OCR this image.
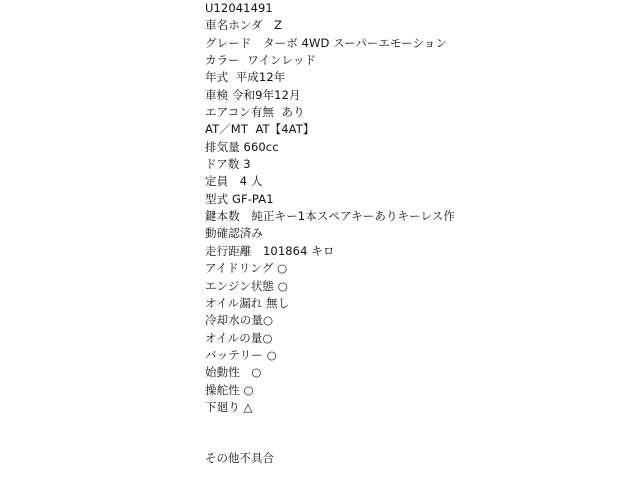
U12041491
車名ホンダ　Z
グレード　ターボ 4WD スーパーエモーション
カラー  ワインレッド
年式  平成12年
車検 令和9年12月
エアコン有無  あり
AT／MT  AT【4AT】
排気量 660cc
ドア数 3
定員　4 人
型式 GF-PA1
鍵本数　純正キー1本スペアキーありキーレス作
動確認済み
走行距離　101864 キロ
アイドリング ○
エンジン状態 ○
オイル漏れ 無し
冷却水の量○
オイルの量○
バッテリー ○
始動性　○
操舵性 ○
下廻り △
その他不具合
